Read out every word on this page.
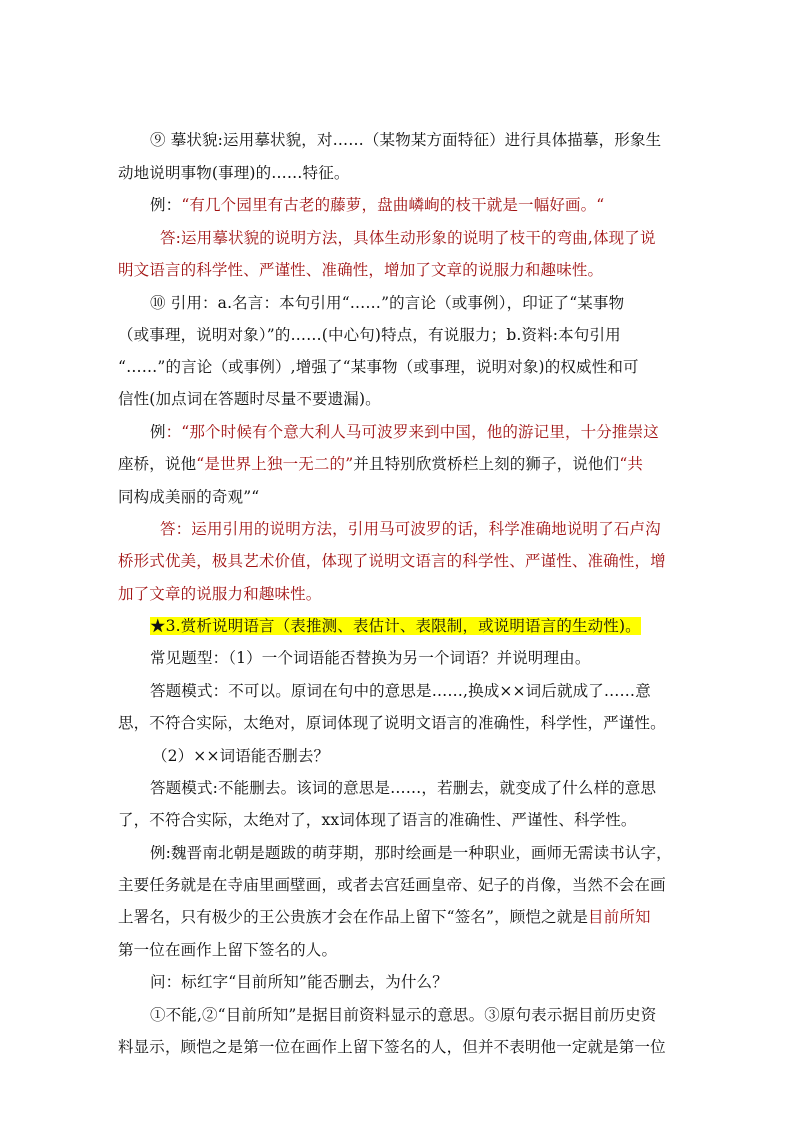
⑨ 摹状貌:运用摹状貌，对……（某物某方面特征）进行具体描摹，形象生
动地说明事物(事理)的……特征。
例：“有几个园里有古老的藤萝，盘曲嶙峋的枝干就是一幅好画。“
答:运用摹状貌的说明方法，具体生动形象的说明了枝干的弯曲,体现了说
明文语言的科学性、严谨性、准确性，增加了文章的说服力和趣味性。
⑩ 引用：a.名言：本句引用“……”的言论（或事例），印证了“某事物
（或事理，说明对象）”的……(中心句)特点，有说服力；b.资料:本句引用
“……”的言论（或事例）,增强了“某事物（或事理，说明对象)的权威性和可
信性(加点词在答题时尽量不要遗漏)。
例：“那个时候有个意大利人马可波罗来到中国，他的游记里，十分推崇这
座桥，说他“是世界上独一无二的”并且特别欣赏桥栏上刻的狮子，说他们“共
同构成美丽的奇观”“
答：运用引用的说明方法，引用马可波罗的话，科学准确地说明了石卢沟
桥形式优美，极具艺术价值，体现了说明文语言的科学性、严谨性、准确性，增
加了文章的说服力和趣味性。
★3.赏析说明语言（表推测、表估计、表限制，或说明语言的生动性)。
常见题型：（1）一个词语能否替换为另一个词语？并说明理由。
答题模式：不可以。原词在句中的意思是……,换成××词后就成了……意
思，不符合实际，太绝对，原词体现了说明文语言的准确性，科学性，严谨性。
（2）××词语能否删去？
答题模式:不能删去。该词的意思是……，若删去，就变成了什么样的意思
了，不符合实际，太绝对了，xx词体现了语言的准确性、严谨性、科学性。
例:魏晋南北朝是题跋的萌芽期，那时绘画是一种职业，画师无需读书认字，
主要任务就是在寺庙里画壁画，或者去宫廷画皇帝、妃子的肖像，当然不会在画
上署名，只有极少的王公贵族才会在作品上留下“签名”，顾恺之就是目前所知
第一位在画作上留下签名的人。
问：标红字“目前所知”能否删去，为什么？
①不能,②“目前所知”是据目前资料显示的意思。③原句表示据目前历史资
料显示，顾恺之是第一位在画作上留下签名的人，但并不表明他一定就是第一位
